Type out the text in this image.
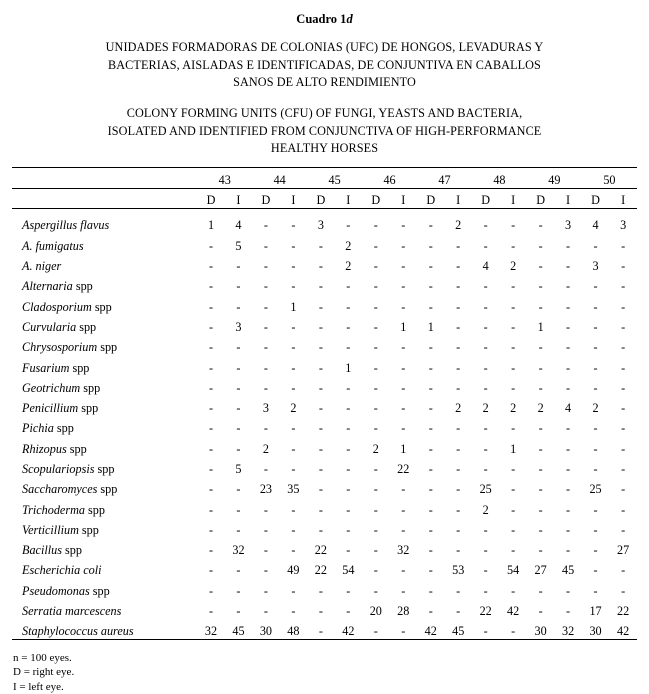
Cuadro 1d
UNIDADES FORMADORAS DE COLONIAS (UFC) DE HONGOS, LEVADURAS Y
BACTERIAS, AISLADAS E IDENTIFICADAS, DE CONJUNTIVA EN CABALLOS
SANOS DE ALTO RENDIMIENTO
COLONY FORMING UNITS (CFU) OF FUNGI, YEASTS AND BACTERIA,
ISOLATED AND IDENTIFIED FROM CONJUNCTIVA OF HIGH-PERFORMANCE
HEALTHY HORSES

	43		44		45		46		47		48		49		50	

	D	I	D	I	D	I	D	I	D	I	D	I	D	I	D	I

Aspergillus flavus	1	4	-	-	3	-	-	-	-	2	-	-	-	3	4	3
A. fumigatus	-	5	-	-	-	2	-	-	-	-	-	-	-	-	-	-
A. niger	-	-	-	-	-	2	-	-	-	-	4	2	-	-	3	-
Alternaria spp	-	-	-	-	-	-	-	-	-	-	-	-	-	-	-	-
Cladosporium spp	-	-	-	1	-	-	-	-	-	-	-	-	-	-	-	-
Curvularia spp	-	3	-	-	-	-	-	1	1	-	-	-	1	-	-	-
Chrysosporium spp	-	-	-	-	-	-	-	-	-	-	-	-	-	-	-	-
Fusarium spp	-	-	-	-	-	1	-	-	-	-	-	-	-	-	-	-
Geotrichum spp	-	-	-	-	-	-	-	-	-	-	-	-	-	-	-	-
Penicillium spp	-	-	3	2	-	-	-	-	-	2	2	2	2	4	2	-
Pichia spp	-	-	-	-	-	-	-	-	-	-	-	-	-	-	-	-
Rhizopus spp	-	-	2	-	-	-	2	1	-	-	-	1	-	-	-	-
Scopulariopsis spp	-	5	-	-	-	-	-	22	-	-	-	-	-	-	-	-
Saccharomyces spp	-	-	23	35	-	-	-	-	-	-	25	-	-	-	25	-
Trichoderma spp	-	-	-	-	-	-	-	-	-	-	2	-	-	-	-	-
Verticillium spp	-	-	-	-	-	-	-	-	-	-	-	-	-	-	-	-
Bacillus spp	-	32	-	-	22	-	-	32	-	-	-	-	-	-	-	27
Escherichia coli	-	-	-	49	22	54	-	-	-	53	-	54	27	45	-	-
Pseudomonas spp	-	-	-	-	-	-	-	-	-	-	-	-	-	-	-	-
Serratia marcescens	-	-	-	-	-	-	20	28	-	-	22	42	-	-	17	22
Staphylococcus aureus	32	45	30	48	-	42	-	-	42	45	-	-	30	32	30	42

n = 100 eyes.
D = right eye.
I = left eye.
